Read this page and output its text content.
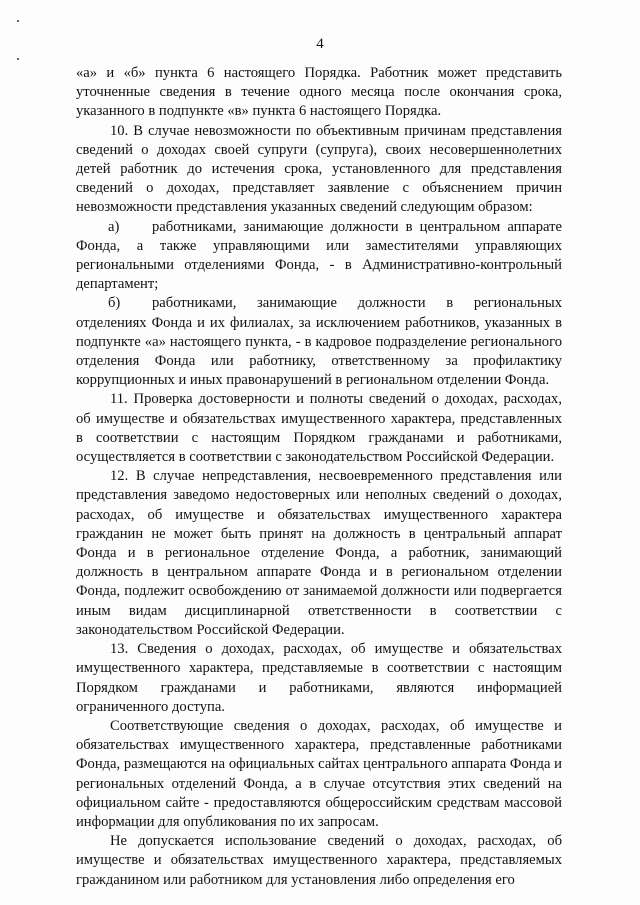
4

«а» и «б» пункта 6 настоящего Порядка. Работник может представить уточненные сведения в течение одного месяца после окончания срока, указанного в подпункте «в» пункта 6 настоящего Порядка.

10. В случае невозможности по объективным причинам представления сведений о доходах своей супруги (супруга), своих несовершеннолетних детей работник до истечения срока, установленного для представления сведений о доходах, представляет заявление с объяснением причин невозможности представления указанных сведений следующим образом:

а) работниками, занимающие должности в центральном аппарате Фонда, а также управляющими или заместителями управляющих региональными отделениями Фонда, - в Административно-контрольный департамент;

б) работниками, занимающие должности в региональных отделениях Фонда и их филиалах, за исключением работников, указанных в подпункте «а» настоящего пункта, - в кадровое подразделение регионального отделения Фонда или работнику, ответственному за профилактику коррупционных и иных правонарушений в региональном отделении Фонда.

11. Проверка достоверности и полноты сведений о доходах, расходах, об имуществе и обязательствах имущественного характера, представленных в соответствии с настоящим Порядком гражданами и работниками, осуществляется в соответствии с законодательством Российской Федерации.

12. В случае непредставления, несвоевременного представления или представления заведомо недостоверных или неполных сведений о доходах, расходах, об имуществе и обязательствах имущественного характера гражданин не может быть принят на должность в центральный аппарат Фонда и в региональное отделение Фонда, а работник, занимающий должность в центральном аппарате Фонда и в региональном отделении Фонда, подлежит освобождению от занимаемой должности или подвергается иным видам дисциплинарной ответственности в соответствии с законодательством Российской Федерации.

13. Сведения о доходах, расходах, об имуществе и обязательствах имущественного характера, представляемые в соответствии с настоящим Порядком гражданами и работниками, являются информацией ограниченного доступа.

Соответствующие сведения о доходах, расходах, об имуществе и обязательствах имущественного характера, представленные работниками Фонда, размещаются на официальных сайтах центрального аппарата Фонда и региональных отделений Фонда, а в случае отсутствия этих сведений на официальном сайте - предоставляются общероссийским средствам массовой информации для опубликования по их запросам.

Не допускается использование сведений о доходах, расходах, об имуществе и обязательствах имущественного характера, представляемых гражданином или работником для установления либо определения его
